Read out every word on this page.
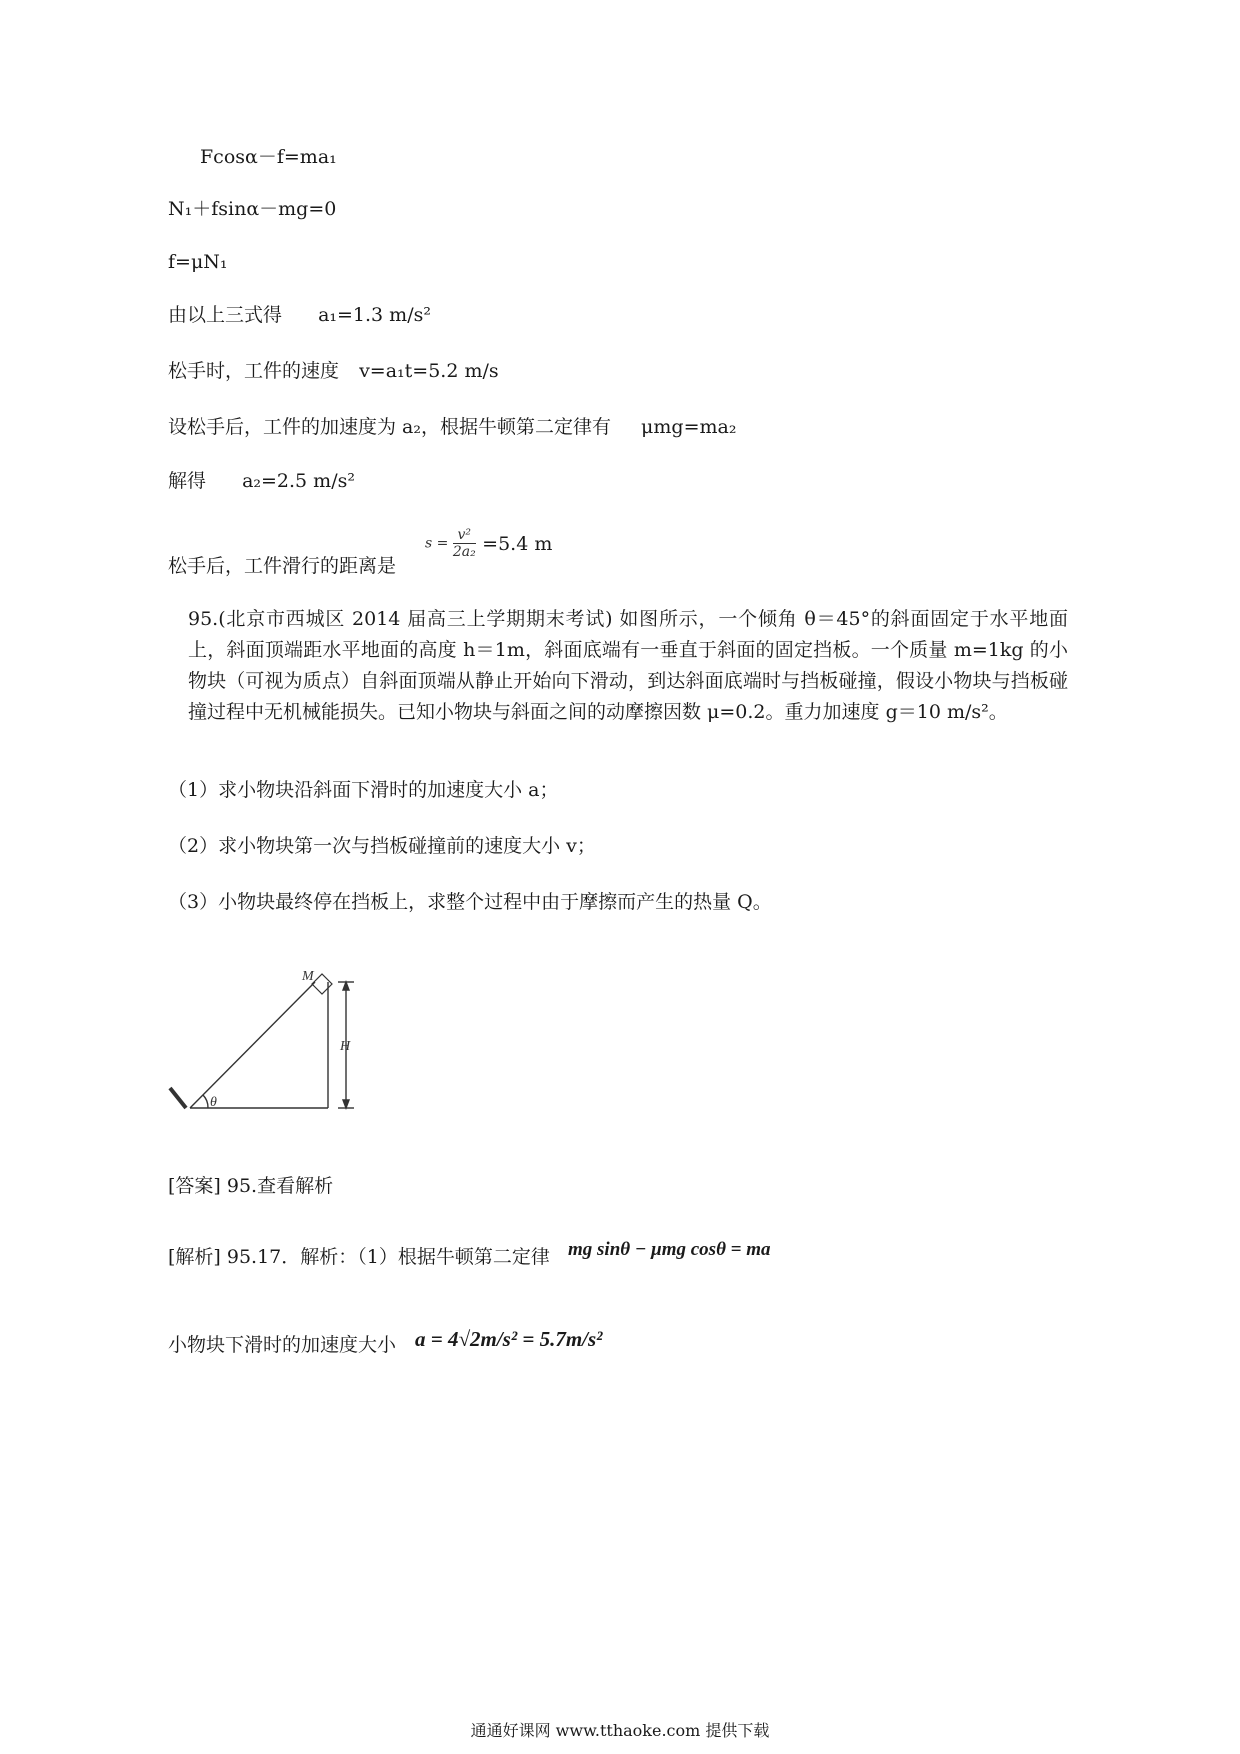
Fcosα－f=ma₁
N₁＋fsinα－mg=0
f=μN₁
由以上三式得 a₁=1.3 m/s²
松手时，工件的速度 v=a₁t=5.2 m/s
设松手后，工件的加速度为 a₂，根据牛顿第二定律有 μmg=ma₂
解得 a₂=2.5 m/s²
松手后，工件滑行的距离是
$s = \frac{\text{v²}}{\text{2a₂}} =5.4$ m
95.(北京市西城区 2014 届高三上学期期末考试) 如图所示，一个倾角 θ＝45°的斜面固定于水平地面上，斜面顶端距水平地面的高度 h＝1m，斜面底端有一垂直于斜面的固定挡板。一个质量 m=1kg 的小物块（可视为质点）自斜面顶端从静止开始向下滑动，到达斜面底端时与挡板碰撞，假设小物块与挡板碰撞过程中无机械能损失。已知小物块与斜面之间的动摩擦因数 μ=0.2。重力加速度 g＝10 m/s²。
（1）求小物块沿斜面下滑时的加速度大小 a；
（2）求小物块第一次与挡板碰撞前的速度大小 v；
（3）小物块最终停在挡板上，求整个过程中由于摩擦而产生的热量 Q。
M
H
θ
[答案] 95.查看解析
[解析] 95.17．解析：（1）根据牛顿第二定律 mg sinθ − μmg cosθ = ma
小物块下滑时的加速度大小 a = 4√2m/s² = 5.7m/s²
通通好课网 www.tthaoke.com 提供下载
